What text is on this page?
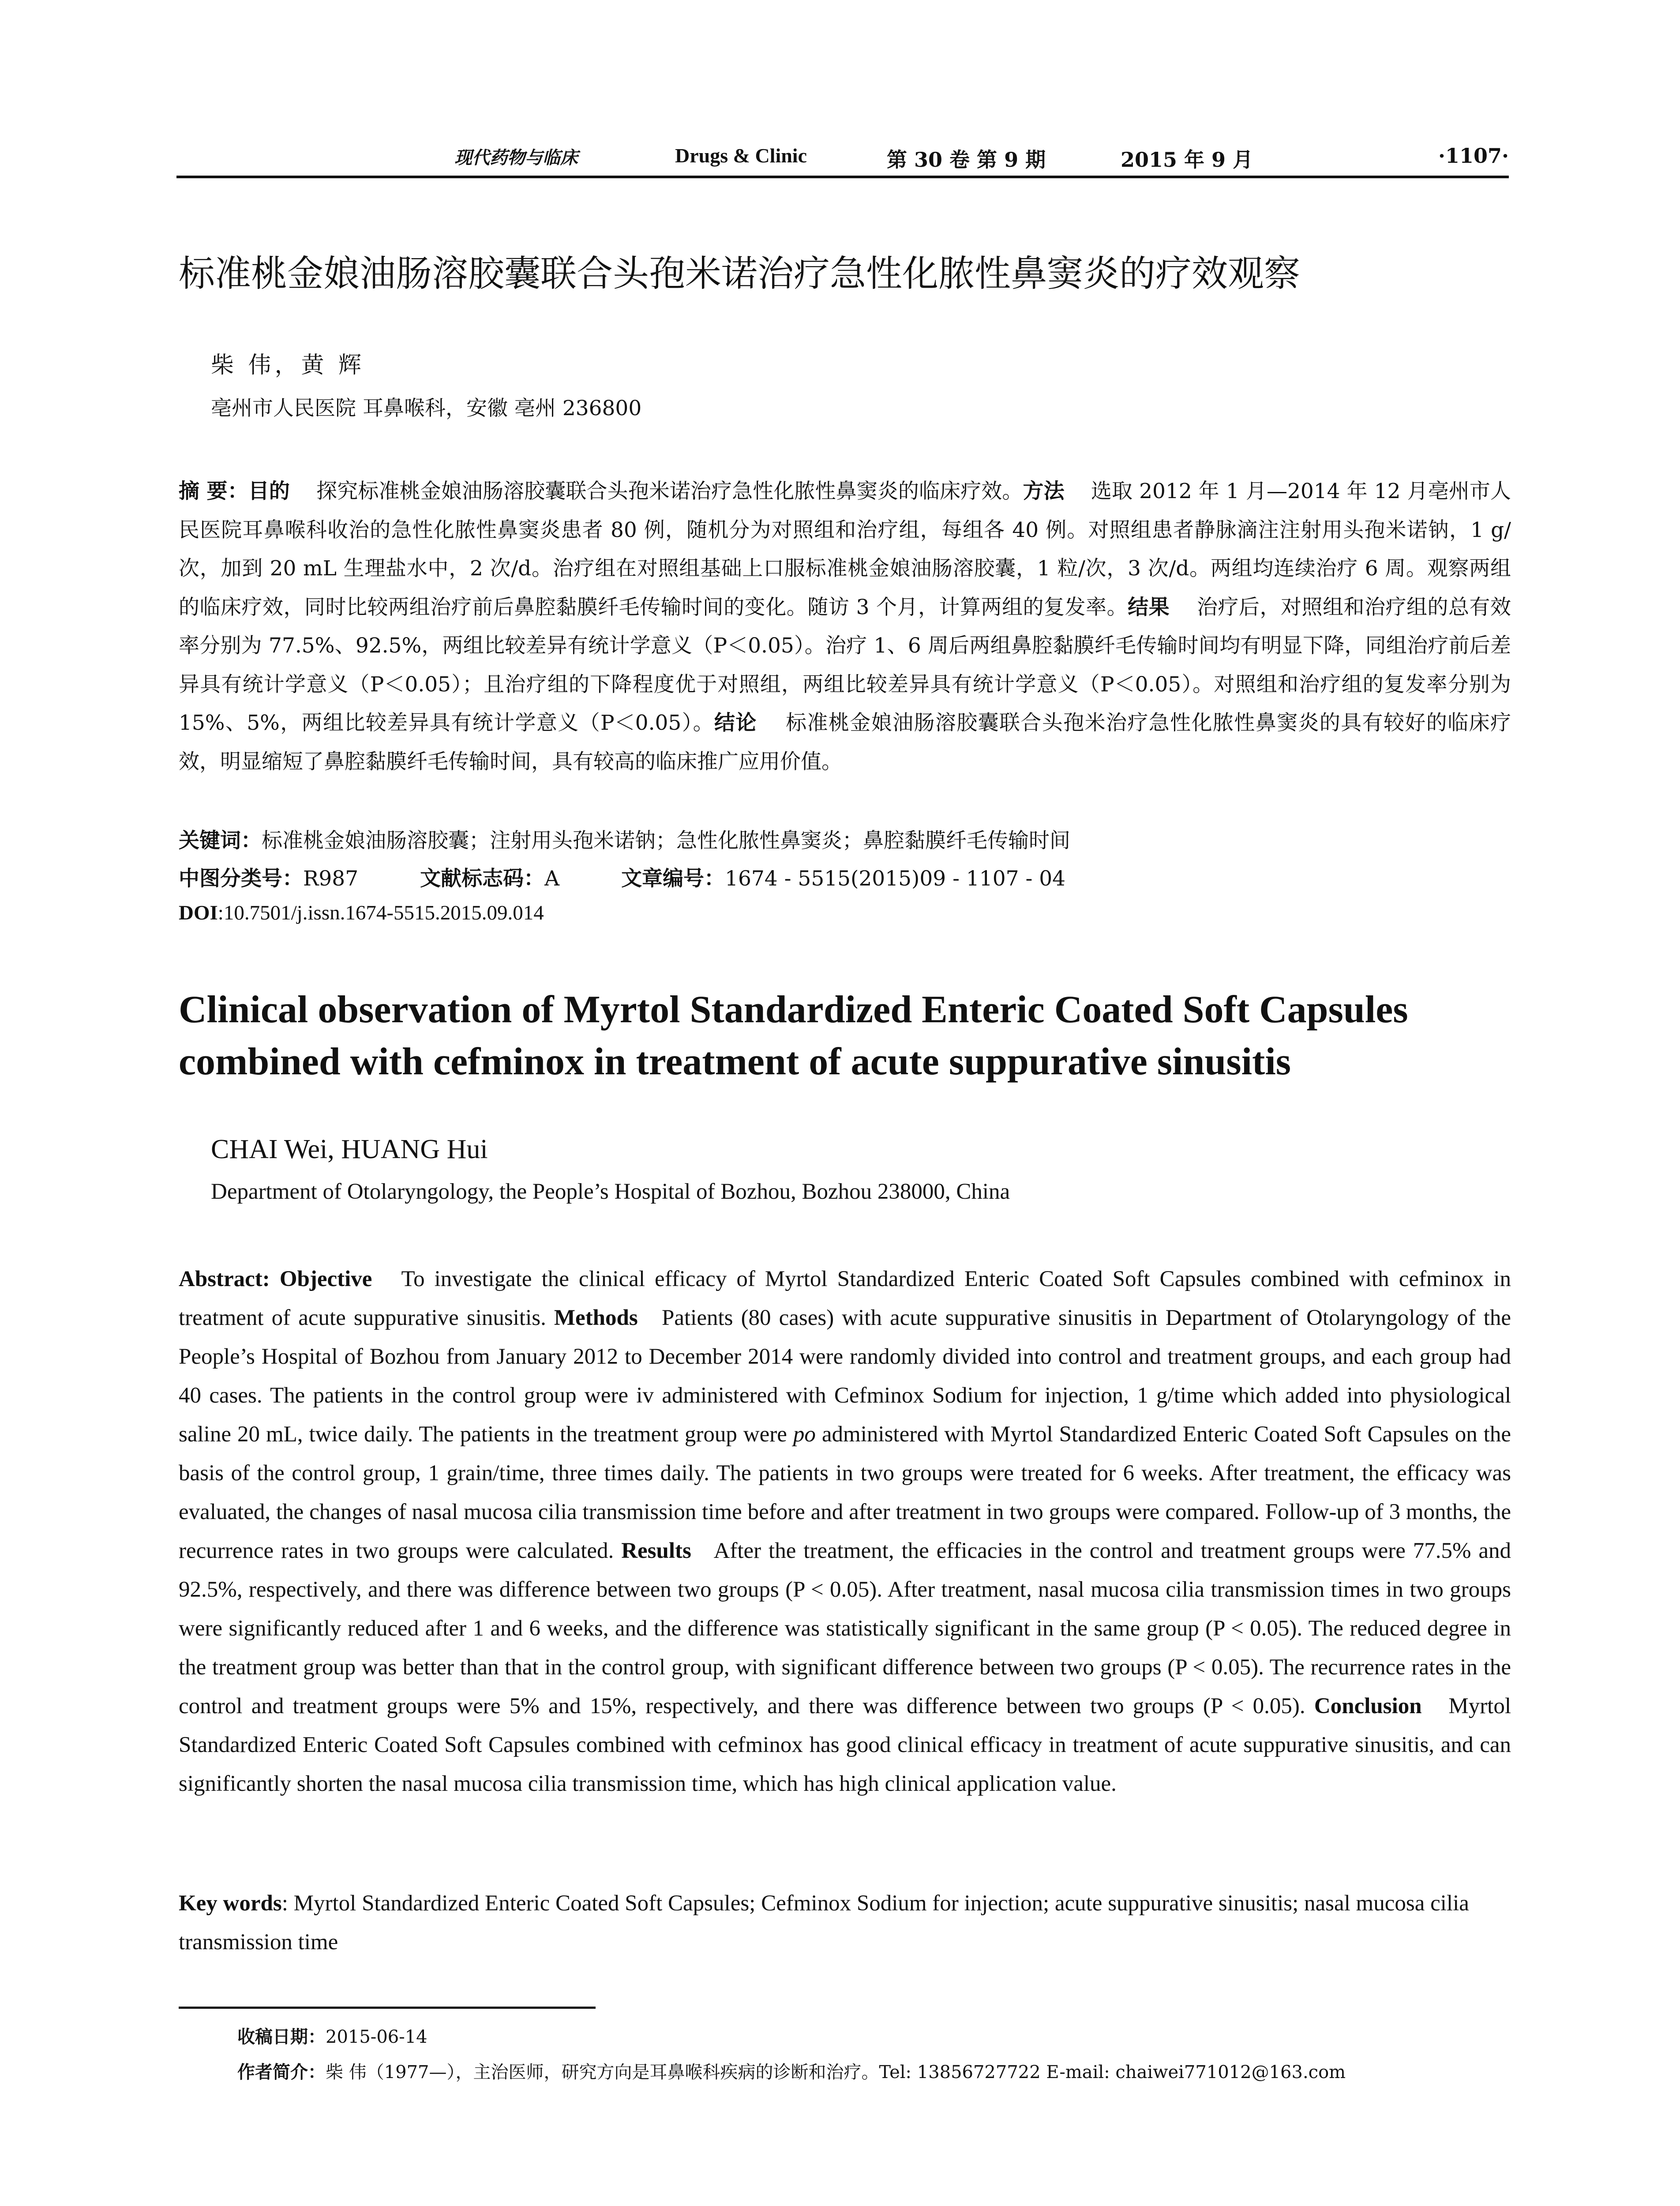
现代药物与临床	Drugs & Clinic	第 30 卷 第 9 期	2015 年 9 月	·1107·
标准桃金娘油肠溶胶囊联合头孢米诺治疗急性化脓性鼻窦炎的疗效观察
柴 伟，黄 辉
亳州市人民医院 耳鼻喉科，安徽 亳州 236800
摘 要：目的 探究标准桃金娘油肠溶胶囊联合头孢米诺治疗急性化脓性鼻窦炎的临床疗效。方法 选取 2012 年 1 月—2014 年 12 月亳州市人民医院耳鼻喉科收治的急性化脓性鼻窦炎患者 80 例，随机分为对照组和治疗组，每组各 40 例。对照组患者静脉滴注注射用头孢米诺钠，1 g/次，加到 20 mL 生理盐水中，2 次/d。治疗组在对照组基础上口服标准桃金娘油肠溶胶囊，1 粒/次，3 次/d。两组均连续治疗 6 周。观察两组的临床疗效，同时比较两组治疗前后鼻腔黏膜纤毛传输时间的变化。随访 3 个月，计算两组的复发率。结果 治疗后，对照组和治疗组的总有效率分别为 77.5%、92.5%，两组比较差异有统计学意义（P＜0.05）。治疗 1、6 周后两组鼻腔黏膜纤毛传输时间均有明显下降，同组治疗前后差异具有统计学意义（P＜0.05）；且治疗组的下降程度优于对照组，两组比较差异具有统计学意义（P＜0.05）。对照组和治疗组的复发率分别为 15%、5%，两组比较差异具有统计学意义（P＜0.05）。结论 标准桃金娘油肠溶胶囊联合头孢米治疗急性化脓性鼻窦炎的具有较好的临床疗效，明显缩短了鼻腔黏膜纤毛传输时间，具有较高的临床推广应用价值。
关键词：标准桃金娘油肠溶胶囊；注射用头孢米诺钠；急性化脓性鼻窦炎；鼻腔黏膜纤毛传输时间
中图分类号：R987	文献标志码：A	文章编号：1674 - 5515(2015)09 - 1107 - 04
DOI:10.7501/j.issn.1674-5515.2015.09.014
Clinical observation of Myrtol Standardized Enteric Coated Soft Capsules combined with cefminox in treatment of acute suppurative sinusitis
CHAI Wei, HUANG Hui
Department of Otolaryngology, the People’s Hospital of Bozhou, Bozhou 238000, China
Abstract: Objective To investigate the clinical efficacy of Myrtol Standardized Enteric Coated Soft Capsules combined with cefminox in treatment of acute suppurative sinusitis. Methods Patients (80 cases) with acute suppurative sinusitis in Department of Otolaryngology of the People’s Hospital of Bozhou from January 2012 to December 2014 were randomly divided into control and treatment groups, and each group had 40 cases. The patients in the control group were iv administered with Cefminox Sodium for injection, 1 g/time which added into physiological saline 20 mL, twice daily. The patients in the treatment group were po administered with Myrtol Standardized Enteric Coated Soft Capsules on the basis of the control group, 1 grain/time, three times daily. The patients in two groups were treated for 6 weeks. After treatment, the efficacy was evaluated, the changes of nasal mucosa cilia transmission time before and after treatment in two groups were compared. Follow-up of 3 months, the recurrence rates in two groups were calculated. Results After the treatment, the efficacies in the control and treatment groups were 77.5% and 92.5%, respectively, and there was difference between two groups (P < 0.05). After treatment, nasal mucosa cilia transmission times in two groups were significantly reduced after 1 and 6 weeks, and the difference was statistically significant in the same group (P < 0.05). The reduced degree in the treatment group was better than that in the control group, with significant difference between two groups (P < 0.05). The recurrence rates in the control and treatment groups were 5% and 15%, respectively, and there was difference between two groups (P < 0.05). Conclusion Myrtol Standardized Enteric Coated Soft Capsules combined with cefminox has good clinical efficacy in treatment of acute suppurative sinusitis, and can significantly shorten the nasal mucosa cilia transmission time, which has high clinical application value.
Key words: Myrtol Standardized Enteric Coated Soft Capsules; Cefminox Sodium for injection; acute suppurative sinusitis; nasal mucosa cilia transmission time
收稿日期：2015-06-14
作者简介：柴 伟（1977—），主治医师，研究方向是耳鼻喉科疾病的诊断和治疗。Tel: 13856727722 E-mail: chaiwei771012@163.com
